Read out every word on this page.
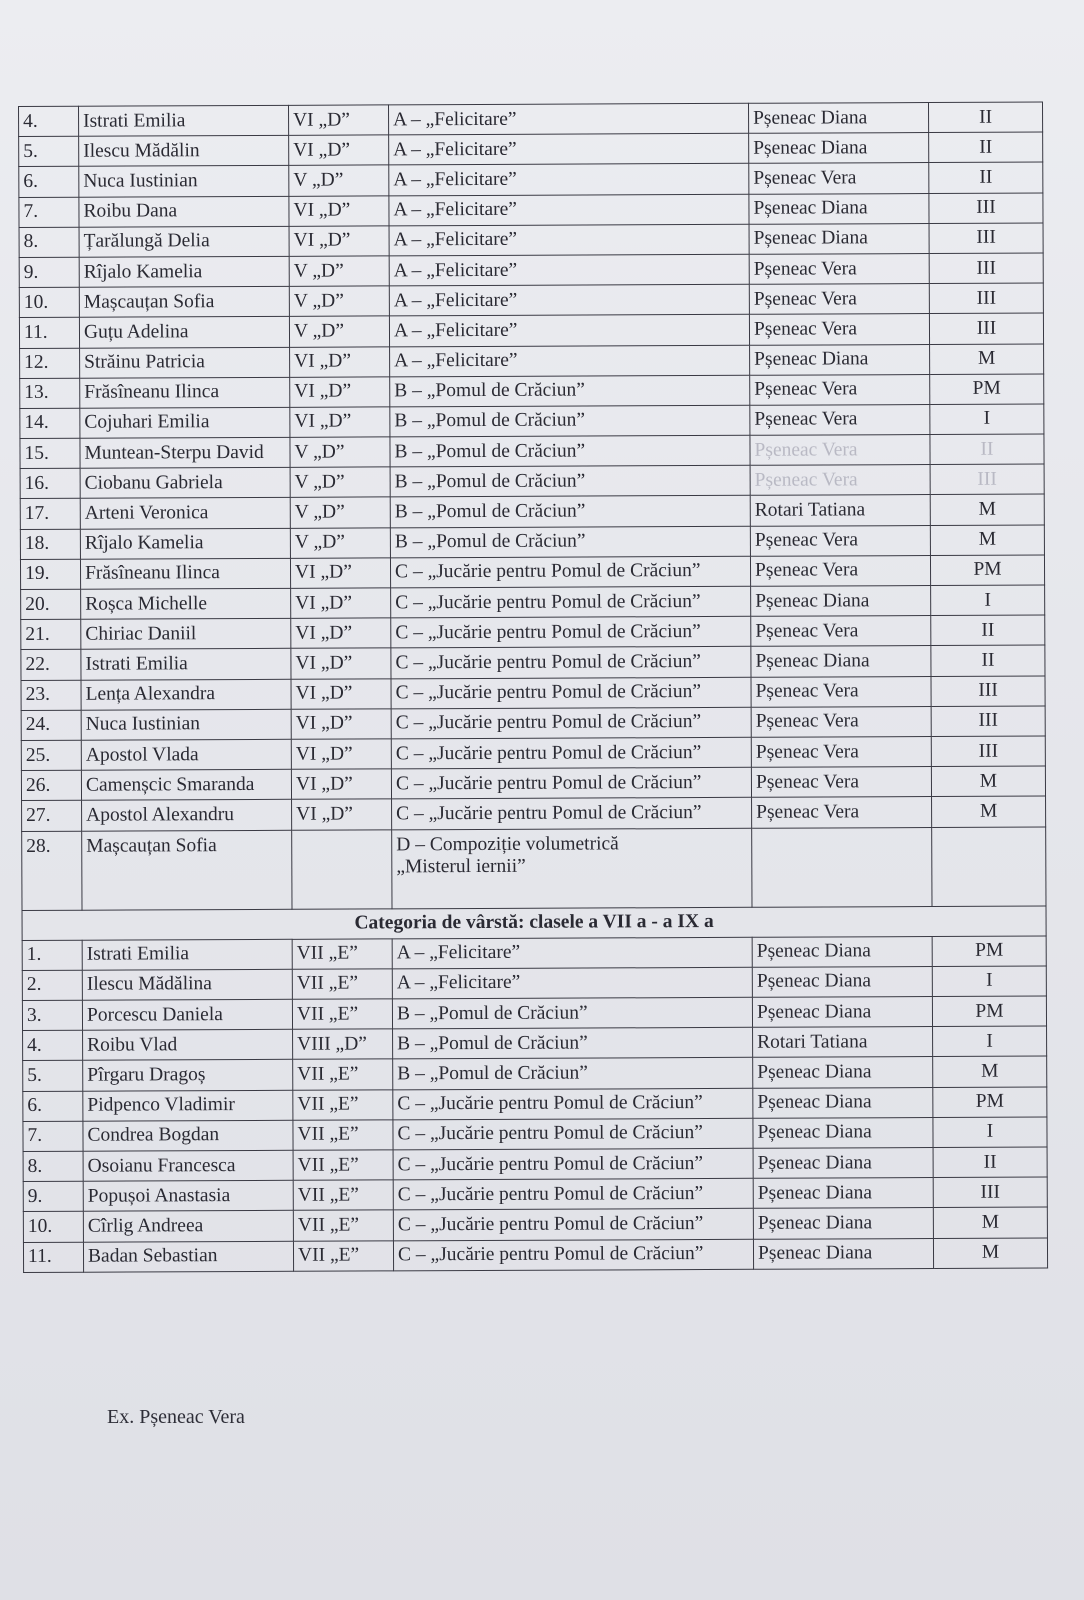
4.	Istrati Emilia	VI „D”	A – „Felicitare”	Pșeneac Diana	II
5.	Ilescu Mădălin	VI „D”	A – „Felicitare”	Pșeneac Diana	II
6.	Nuca Iustinian	V „D”	A – „Felicitare”	Pșeneac Vera	II
7.	Roibu Dana	VI „D”	A – „Felicitare”	Pșeneac Diana	III
8.	Țarălungă Delia	VI „D”	A – „Felicitare”	Pșeneac Diana	III
9.	Rîjalo Kamelia	V „D”	A – „Felicitare”	Pșeneac Vera	III
10.	Mașcauțan Sofia	V „D”	A – „Felicitare”	Pșeneac Vera	III
11.	Guțu Adelina	V „D”	A – „Felicitare”	Pșeneac Vera	III
12.	Străinu Patricia	VI „D”	A – „Felicitare”	Pșeneac Diana	M
13.	Frăsîneanu Ilinca	VI „D”	B – „Pomul de Crăciun”	Pșeneac Vera	PM
14.	Cojuhari Emilia	VI „D”	B – „Pomul de Crăciun”	Pșeneac Vera	I
15.	Muntean-Sterpu David	V „D”	B – „Pomul de Crăciun”	Pșeneac Vera	II
16.	Ciobanu Gabriela	V „D”	B – „Pomul de Crăciun”	Pșeneac Vera	III
17.	Arteni Veronica	V „D”	B – „Pomul de Crăciun”	Rotari Tatiana	M
18.	Rîjalo Kamelia	V „D”	B – „Pomul de Crăciun”	Pșeneac Vera	M
19.	Frăsîneanu Ilinca	VI „D”	C – „Jucărie pentru Pomul de Crăciun”	Pșeneac Vera	PM
20.	Roșca Michelle	VI „D”	C – „Jucărie pentru Pomul de Crăciun”	Pșeneac Diana	I
21.	Chiriac Daniil	VI „D”	C – „Jucărie pentru Pomul de Crăciun”	Pșeneac Vera	II
22.	Istrati Emilia	VI „D”	C – „Jucărie pentru Pomul de Crăciun”	Pșeneac Diana	II
23.	Lența Alexandra	VI „D”	C – „Jucărie pentru Pomul de Crăciun”	Pșeneac Vera	III
24.	Nuca Iustinian	VI „D”	C – „Jucărie pentru Pomul de Crăciun”	Pșeneac Vera	III
25.	Apostol Vlada	VI „D”	C – „Jucărie pentru Pomul de Crăciun”	Pșeneac Vera	III
26.	Camenșcic Smaranda	VI „D”	C – „Jucărie pentru Pomul de Crăciun”	Pșeneac Vera	M
27.	Apostol Alexandru	VI „D”	C – „Jucărie pentru Pomul de Crăciun”	Pșeneac Vera	M
28.	Mașcauțan Sofia		D – Compoziție volumetrică
„Misterul iernii”		

Categoria de vârstă: clasele a VII a - a IX a					
1.	Istrati Emilia	VII „E”	A – „Felicitare”	Pșeneac Diana	PM
2.	Ilescu Mădălina	VII „E”	A – „Felicitare”	Pșeneac Diana	I
3.	Porcescu Daniela	VII „E”	B – „Pomul de Crăciun”	Pșeneac Diana	PM
4.	Roibu Vlad	VIII „D”	B – „Pomul de Crăciun”	Rotari Tatiana	I
5.	Pîrgaru Dragoș	VII „E”	B – „Pomul de Crăciun”	Pșeneac Diana	M
6.	Pidpenco Vladimir	VII „E”	C – „Jucărie pentru Pomul de Crăciun”	Pșeneac Diana	PM
7.	Condrea Bogdan	VII „E”	C – „Jucărie pentru Pomul de Crăciun”	Pșeneac Diana	I
8.	Osoianu Francesca	VII „E”	C – „Jucărie pentru Pomul de Crăciun”	Pșeneac Diana	II
9.	Popușoi Anastasia	VII „E”	C – „Jucărie pentru Pomul de Crăciun”	Pșeneac Diana	III
10.	Cîrlig Andreea	VII „E”	C – „Jucărie pentru Pomul de Crăciun”	Pșeneac Diana	M
11.	Badan Sebastian	VII „E”	C – „Jucărie pentru Pomul de Crăciun”	Pșeneac Diana	M
Ex. Pșeneac Vera
